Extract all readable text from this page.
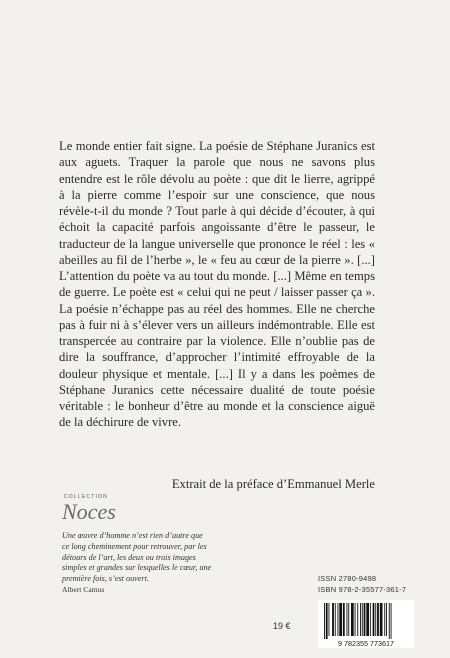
Le monde entier fait signe. La poésie de Stéphane Juranics est aux aguets. Traquer la parole que nous ne savons plus entendre est le rôle dévolu au poète : que dit le lierre, agrippé à la pierre comme l’espoir sur une conscience, que nous révèle-t-il du monde ? Tout parle à qui décide d’écouter, à qui échoit la capacité parfois angoissante d’être le passeur, le traducteur de la langue universelle que prononce le réel : les « abeilles au fil de l’herbe », le « feu au cœur de la pierre ». [...] L’attention du poète va au tout du monde. [...] Même en temps de guerre. Le poète est « celui qui ne peut / laisser passer ça ». La poésie n’échappe pas au réel des hommes. Elle ne cherche pas à fuir ni à s’élever vers un ailleurs indémontrable. Elle est transpercée au contraire par la violence. Elle n’oublie pas de dire la souffrance, d’approcher l’intimité effroyable de la douleur physique et mentale. [...] Il y a dans les poèmes de Stéphane Juranics cette nécessaire dualité de toute poésie véritable : le bonheur d’être au monde et la conscience aiguë de la déchirure de vivre.

Extrait de la préface d’Emmanuel Merle
COLLECTION
Noces
Une œuvre d’homme n’est rien d’autre que ce long cheminement pour retrouver, par les détours de l’art, les deux ou trois images simples et grandes sur lesquelles le cœur, une première fois, s’est ouvert.
Albert Camus
19 €
ISSN 2780-9498
ISBN 978-2-35577-361-7
9 782355 773617
